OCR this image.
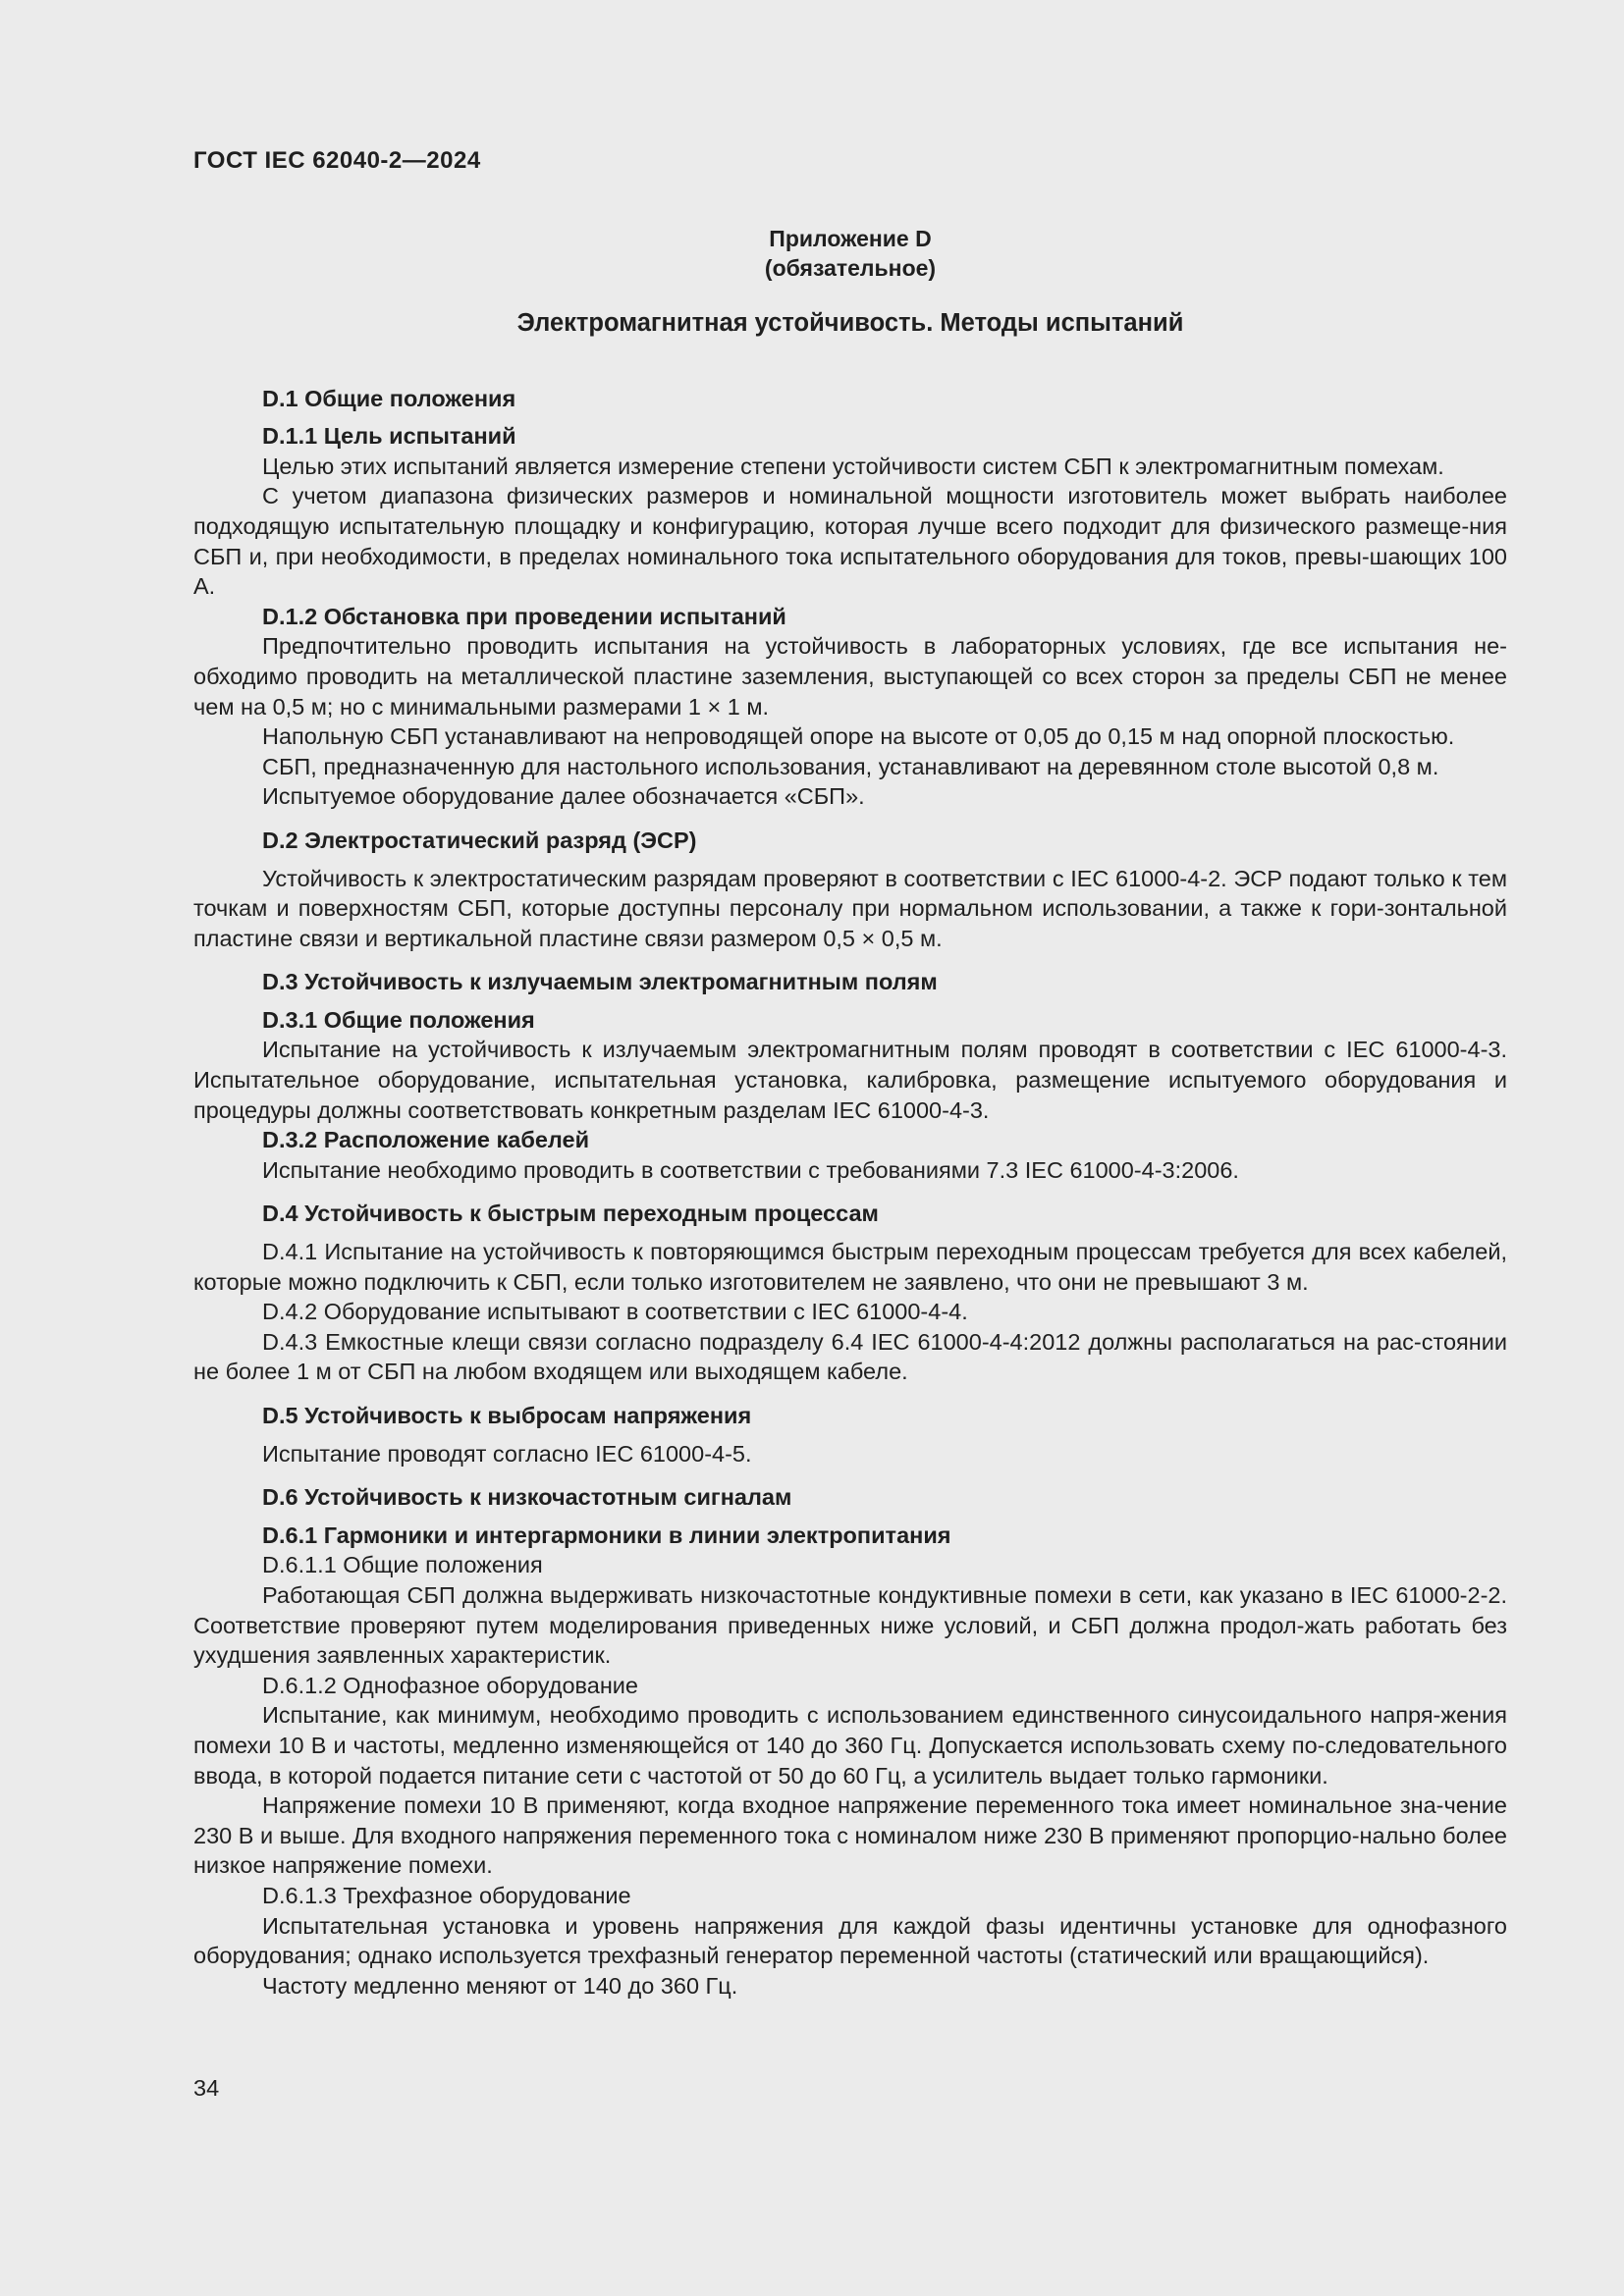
ГОСТ IEC 62040-2—2024
Приложение D
(обязательное)
Электромагнитная устойчивость. Методы испытаний
D.1 Общие положения
D.1.1 Цель испытаний

Целью этих испытаний является измерение степени устойчивости систем СБП к электромагнитным помехам.

С учетом диапазона физических размеров и номинальной мощности изготовитель может выбрать наиболее подходящую испытательную площадку и конфигурацию, которая лучше всего подходит для физического размеще-ния СБП и, при необходимости, в пределах номинального тока испытательного оборудования для токов, превы-шающих 100 А.

D.1.2 Обстановка при проведении испытаний

Предпочтительно проводить испытания на устойчивость в лабораторных условиях, где все испытания не-обходимо проводить на металлической пластине заземления, выступающей со всех сторон за пределы СБП не менее чем на 0,5 м; но с минимальными размерами 1 × 1 м.

Напольную СБП устанавливают на непроводящей опоре на высоте от 0,05 до 0,15 м над опорной плоскостью.

СБП, предназначенную для настольного использования, устанавливают на деревянном столе высотой 0,8 м.

Испытуемое оборудование далее обозначается «СБП».

D.2 Электростатический разряд (ЭСР)

Устойчивость к электростатическим разрядам проверяют в соответствии с IEC 61000-4-2. ЭСР подают только к тем точкам и поверхностям СБП, которые доступны персоналу при нормальном использовании, а также к гори-зонтальной пластине связи и вертикальной пластине связи размером 0,5 × 0,5 м.

D.3 Устойчивость к излучаемым электромагнитным полям
D.3.1 Общие положения

Испытание на устойчивость к излучаемым электромагнитным полям проводят в соответствии с IEC 61000-4-3. Испытательное оборудование, испытательная установка, калибровка, размещение испытуемого оборудования и процедуры должны соответствовать конкретным разделам IEC 61000-4-3.

D.3.2 Расположение кабелей

Испытание необходимо проводить в соответствии с требованиями 7.3 IEC 61000-4-3:2006.

D.4 Устойчивость к быстрым переходным процессам

D.4.1 Испытание на устойчивость к повторяющимся быстрым переходным процессам требуется для всех кабелей, которые можно подключить к СБП, если только изготовителем не заявлено, что они не превышают 3 м.

D.4.2 Оборудование испытывают в соответствии с IEC 61000-4-4.

D.4.3 Емкостные клещи связи согласно подразделу 6.4 IEC 61000-4-4:2012 должны располагаться на рас-стоянии не более 1 м от СБП на любом входящем или выходящем кабеле.

D.5 Устойчивость к выбросам напряжения

Испытание проводят согласно IEC 61000-4-5.

D.6 Устойчивость к низкочастотным сигналам
D.6.1 Гармоники и интергармоники в линии электропитания
D.6.1.1 Общие положения

Работающая СБП должна выдерживать низкочастотные кондуктивные помехи в сети, как указано в IEC 61000-2-2. Соответствие проверяют путем моделирования приведенных ниже условий, и СБП должна продол-жать работать без ухудшения заявленных характеристик.

D.6.1.2 Однофазное оборудование

Испытание, как минимум, необходимо проводить с использованием единственного синусоидального напря-жения помехи 10 В и частоты, медленно изменяющейся от 140 до 360 Гц. Допускается использовать схему по-следовательного ввода, в которой подается питание сети с частотой от 50 до 60 Гц, а усилитель выдает только гармоники.

Напряжение помехи 10 В применяют, когда входное напряжение переменного тока имеет номинальное зна-чение 230 В и выше. Для входного напряжения переменного тока с номиналом ниже 230 В применяют пропорцио-нально более низкое напряжение помехи.

D.6.1.3 Трехфазное оборудование

Испытательная установка и уровень напряжения для каждой фазы идентичны установке для однофазного оборудования; однако используется трехфазный генератор переменной частоты (статический или вращающийся).

Частоту медленно меняют от 140 до 360 Гц.

34
